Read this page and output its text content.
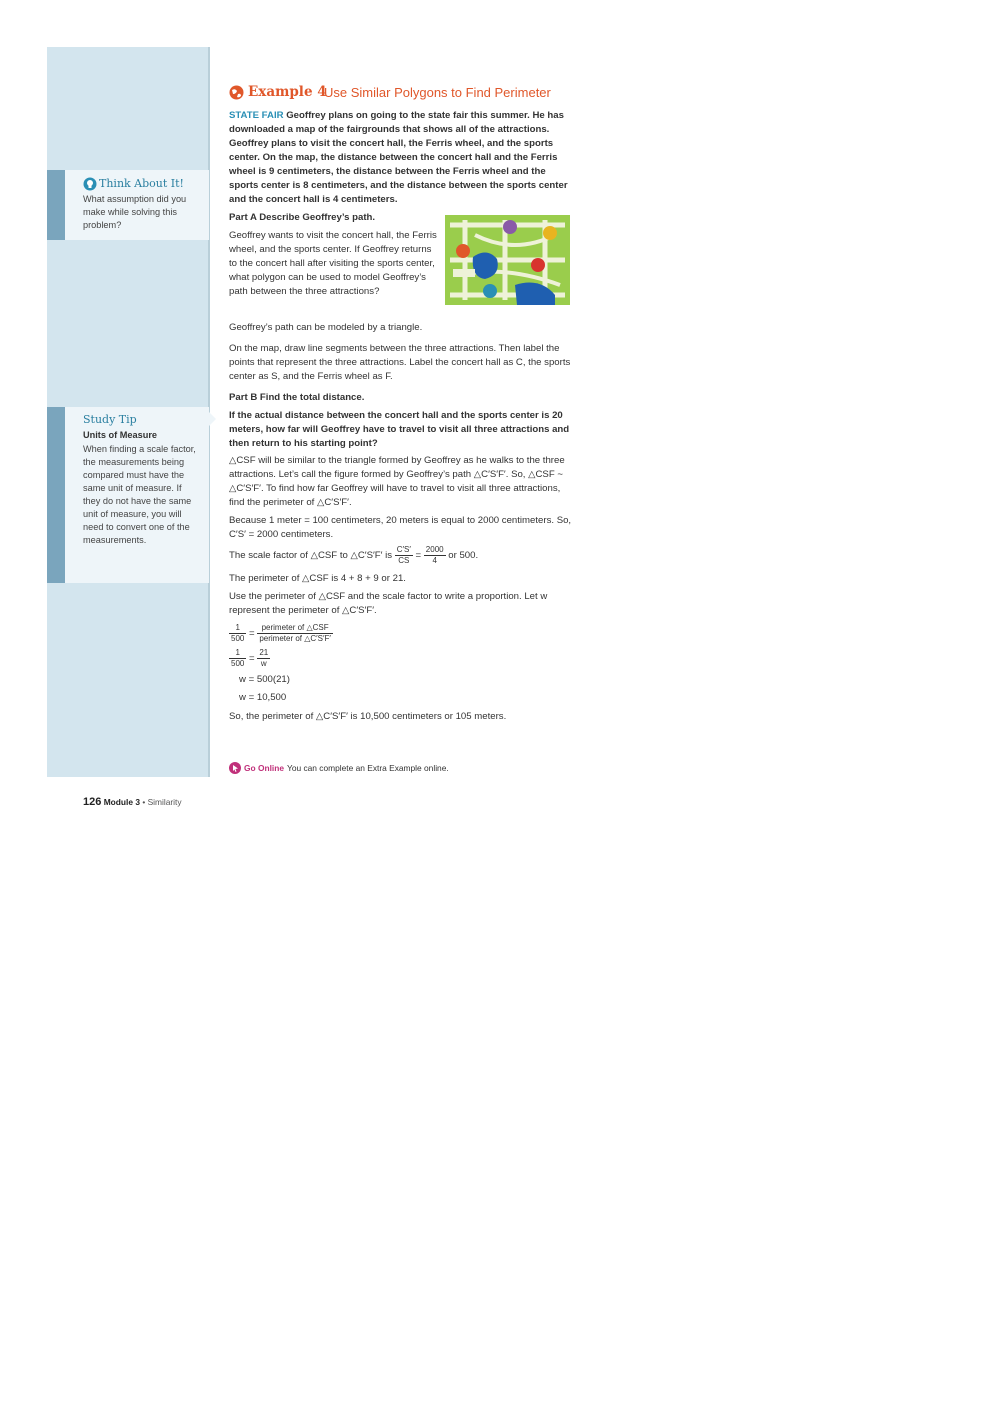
Think About It!
What assumption did you make while solving this problem?
Study Tip
Units of Measure
When finding a scale factor, the measurements being compared must have the same unit of measure. If they do not have the same unit of measure, you will need to convert one of the measurements.
Example 4
Use Similar Polygons to Find Perimeter
STATE FAIR Geoffrey plans on going to the state fair this summer. He has downloaded a map of the fairgrounds that shows all of the attractions. Geoffrey plans to visit the concert hall, the Ferris wheel, and the sports center. On the map, the distance between the concert hall and the Ferris wheel is 9 centimeters, the distance between the Ferris wheel and the sports center is 8 centimeters, and the distance between the sports center and the concert hall is 4 centimeters.
Part A Describe Geoffrey’s path.
Geoffrey wants to visit the concert hall, the Ferris wheel, and the sports center. If Geoffrey returns to the concert hall after visiting the sports center, what polygon can be used to model Geoffrey’s path between the three attractions?
Geoffrey’s path can be modeled by a triangle.
On the map, draw line segments between the three attractions. Then label the points that represent the three attractions. Label the concert hall as C, the sports center as S, and the Ferris wheel as F.
Part B Find the total distance.
If the actual distance between the concert hall and the sports center is 20 meters, how far will Geoffrey have to travel to visit all three attractions and then return to his starting point?
△CSF will be similar to the triangle formed by Geoffrey as he walks to the three attractions. Let’s call the figure formed by Geoffrey’s path △C′S′F′. So, △CSF ~ △C′S′F′. To find how far Geoffrey will have to travel to visit all three attractions, find the perimeter of △C′S′F′.
Because 1 meter = 100 centimeters, 20 meters is equal to 2000 centimeters. So, C′S′ = 2000 centimeters.
The scale factor of △CSF to △C′S′F′ is $\frac{C'S'}{CS} = \frac{2000}{4}$ or 500.
The perimeter of △CSF is 4 + 8 + 9 or 21.
Use the perimeter of △CSF and the scale factor to write a proportion. Let w represent the perimeter of △C′S′F′.
$\frac{1}{500} = \frac{\text{perimeter of △CSF}}{\text{perimeter of △C′S′F′}}$
$\frac{1}{500} = \frac{21}{w}$
w = 500(21)
w = 10,500
So, the perimeter of △C′S′F′ is 10,500 centimeters or 105 meters.
Go Online You can complete an Extra Example online.
126 Module 3 • Similarity
